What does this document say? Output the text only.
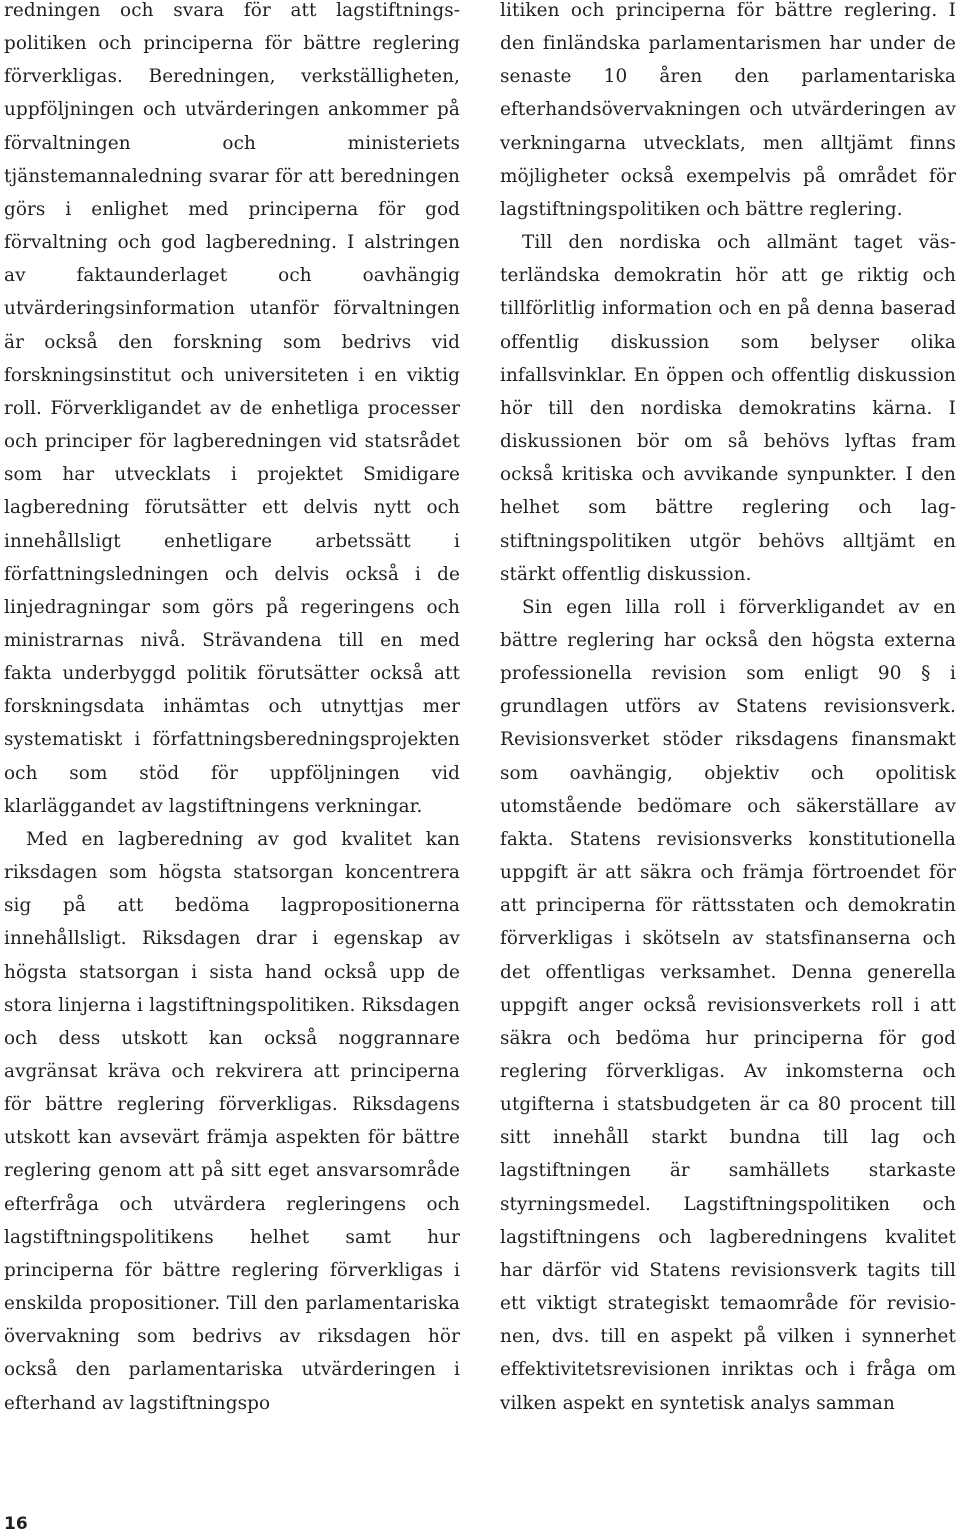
redningen och svara för att lagstiftningspolitiken och principerna för bättre reglering förverkligas. Beredningen, verkställigheten, uppföljningen och utvärderingen ankommer på förvaltningen och ministeriets tjänstemannaledning svarar för att beredningen görs i enlighet med principerna för god förvaltning och god lagberedning. I alstringen av faktaunderlaget och oavhängig utvärderingsinformation utanför förvaltningen är också den forskning som bedrivs vid forskningsinstitut och universiteten i en viktig roll. Förverkligandet av de enhetliga processer och principer för lagberedningen vid statsrådet som har utvecklats i projektet Smidigare lagberedning förutsätter ett delvis nytt och innehållsligt enhetligare arbetssätt i författningsledningen och delvis också i de linjedragningar som görs på regeringens och ministrarnas nivå. Strävandena till en med fakta underbyggd politik förutsätter också att forskningsdata inhämtas och utnyttjas mer systematiskt i författningsberedningsprojekten och som stöd för uppföljningen vid klarläggandet av lagstiftningens verkningar.

Med en lagberedning av god kvalitet kan riksdagen som högsta statsorgan koncentrera sig på att bedöma lagpropositionerna innehållsligt. Riksdagen drar i egenskap av högsta statsorgan i sista hand också upp de stora linjerna i lagstiftningspolitiken. Riksdagen och dess utskott kan också noggrannare avgränsat kräva och rekvirera att principerna för bättre reglering förverkligas. Riksdagens utskott kan avsevärt främja aspekten för bättre reglering genom att på sitt eget ansvarsområde efterfråga och utvärdera regleringens och lagstiftningspolitikens helhet samt hur principerna för bättre reglering förverkligas i enskilda propositioner. Till den parlamentariska övervakning som bedrivs av riksdagen hör också den parlamentariska utvärderingen i efterhand av lagstiftningspo

litiken och principerna för bättre reglering. I den finländska parlamentarismen har under de senaste 10 åren den parlamentariska efterhandsövervakningen och utvärderingen av verkningarna utvecklats, men alltjämt finns möjligheter också exempelvis på området för lagstiftningspolitiken och bättre reglering.

Till den nordiska och allmänt taget västerländska demokratin hör att ge riktig och tillförlitlig information och en på denna baserad offentlig diskussion som belyser olika infallsvinklar. En öppen och offentlig diskussion hör till den nordiska demokratins kärna. I diskussionen bör om så behövs lyftas fram också kritiska och avvikande synpunkter. I den helhet som bättre reglering och lagstiftningspolitiken utgör behövs alltjämt en stärkt offentlig diskussion.

Sin egen lilla roll i förverkligandet av en bättre reglering har också den högsta externa professionella revision som enligt 90 § i grundlagen utförs av Statens revisionsverk. Revisionsverket stöder riksdagens finansmakt som oavhängig, objektiv och opolitisk utomstående bedömare och säkerställare av fakta. Statens revisionsverks konstitutionella uppgift är att säkra och främja förtroendet för att principerna för rättsstaten och demokratin förverkligas i skötseln av statsfinanserna och det offentligas verksamhet. Denna generella uppgift anger också revisionsverkets roll i att säkra och bedöma hur principerna för god reglering förverkligas. Av inkomsterna och utgifterna i statsbudgeten är ca 80 procent till sitt innehåll starkt bundna till lag och lagstiftningen är samhällets starkaste styrningsmedel. Lagstiftningspolitiken och lagstiftningens och lagberedningens kvalitet har därför vid Statens revisionsverk tagits till ett viktigt strategiskt temaområde för revisionen, dvs. till en aspekt på vilken i synnerhet effektivitetsrevisionen inriktas och i fråga om vilken aspekt en syntetisk analys samman

16
